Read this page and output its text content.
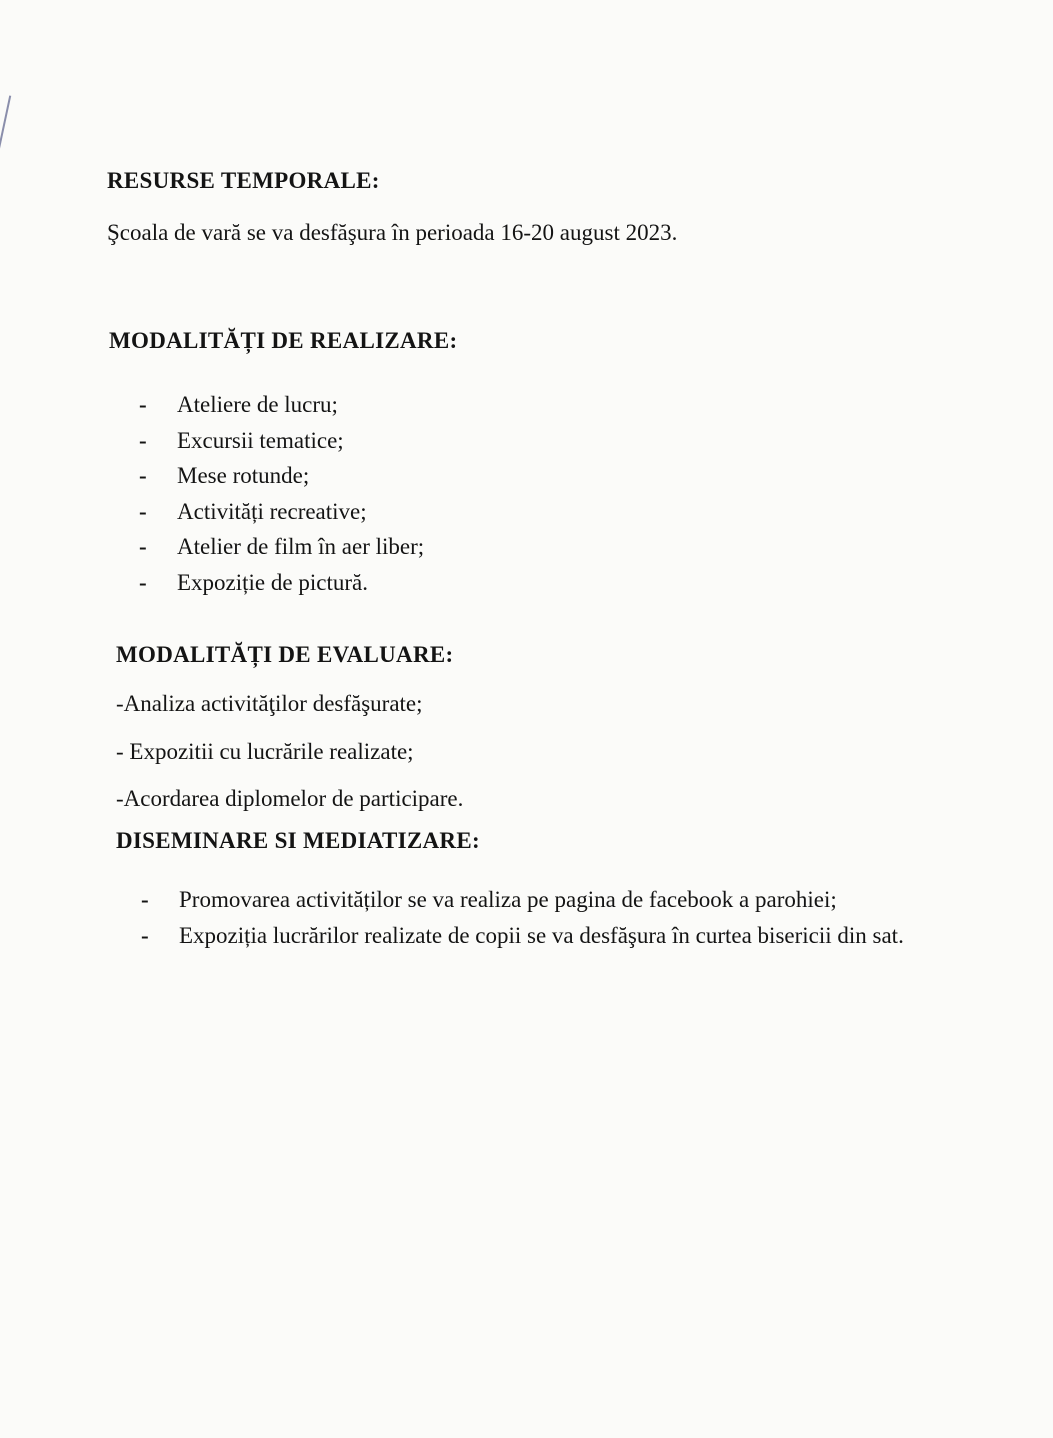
RESURSE TEMPORALE:

Şcoala de vară se va desfăşura în perioada 16-20 august 2023.

MODALITĂȚI DE REALIZARE:
- Ateliere de lucru;
- Excursii tematice;
- Mese rotunde;
- Activități recreative;
- Atelier de film în aer liber;
- Expoziție de pictură.
MODALITĂȚI DE EVALUARE:

-Analiza activităţilor desfăşurate;

- Expozitii cu lucrările realizate;

-Acordarea diplomelor de participare.

DISEMINARE SI MEDIATIZARE:
- Promovarea activităților se va realiza pe pagina de facebook a parohiei;
- Expoziția lucrărilor realizate de copii se va desfăşura în curtea bisericii din sat.
